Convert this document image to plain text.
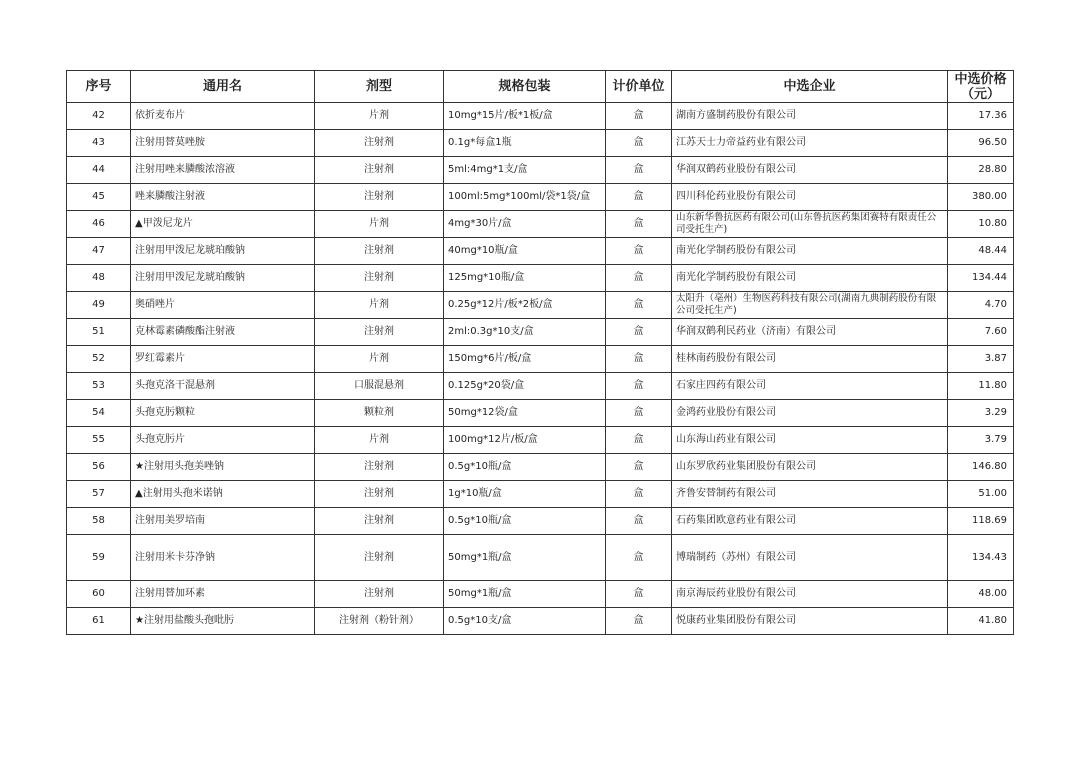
序号	通用名	剂型	规格包装	计价单位	中选企业	中选价格
（元）
42	依折麦布片	片剂	10mg*15片/板*1板/盒	盒	湖南方盛制药股份有限公司	17.36
43	注射用替莫唑胺	注射剂	0.1g*每盒1瓶	盒	江苏天士力帝益药业有限公司	96.50
44	注射用唑来膦酸浓溶液	注射剂	5ml:4mg*1支/盒	盒	华润双鹤药业股份有限公司	28.80
45	唑来膦酸注射液	注射剂	100ml:5mg*100ml/袋*1袋/盒	盒	四川科伦药业股份有限公司	380.00
46	▲甲泼尼龙片	片剂	4mg*30片/盒	盒	山东新华鲁抗医药有限公司(山东鲁抗医药集团赛特有限责任公司受托生产)	10.80
47	注射用甲泼尼龙琥珀酸钠	注射剂	40mg*10瓶/盒	盒	南光化学制药股份有限公司	48.44
48	注射用甲泼尼龙琥珀酸钠	注射剂	125mg*10瓶/盒	盒	南光化学制药股份有限公司	134.44
49	奥硝唑片	片剂	0.25g*12片/板*2板/盒	盒	太阳升（亳州）生物医药科技有限公司(湖南九典制药股份有限公司受托生产)	4.70
51	克林霉素磷酸酯注射液	注射剂	2ml:0.3g*10支/盒	盒	华润双鹤利民药业（济南）有限公司	7.60
52	罗红霉素片	片剂	150mg*6片/板/盒	盒	桂林南药股份有限公司	3.87
53	头孢克洛干混悬剂	口服混悬剂	0.125g*20袋/盒	盒	石家庄四药有限公司	11.80
54	头孢克肟颗粒	颗粒剂	50mg*12袋/盒	盒	金鸿药业股份有限公司	3.29
55	头孢克肟片	片剂	100mg*12片/板/盒	盒	山东海山药业有限公司	3.79
56	★注射用头孢美唑钠	注射剂	0.5g*10瓶/盒	盒	山东罗欣药业集团股份有限公司	146.80
57	▲注射用头孢米诺钠	注射剂	1g*10瓶/盒	盒	齐鲁安替制药有限公司	51.00
58	注射用美罗培南	注射剂	0.5g*10瓶/盒	盒	石药集团欧意药业有限公司	118.69
59	注射用米卡芬净钠	注射剂	50mg*1瓶/盒	盒	博瑞制药（苏州）有限公司	134.43
60	注射用替加环素	注射剂	50mg*1瓶/盒	盒	南京海辰药业股份有限公司	48.00
61	★注射用盐酸头孢吡肟	注射剂（粉针剂）	0.5g*10支/盒	盒	悦康药业集团股份有限公司	41.80
